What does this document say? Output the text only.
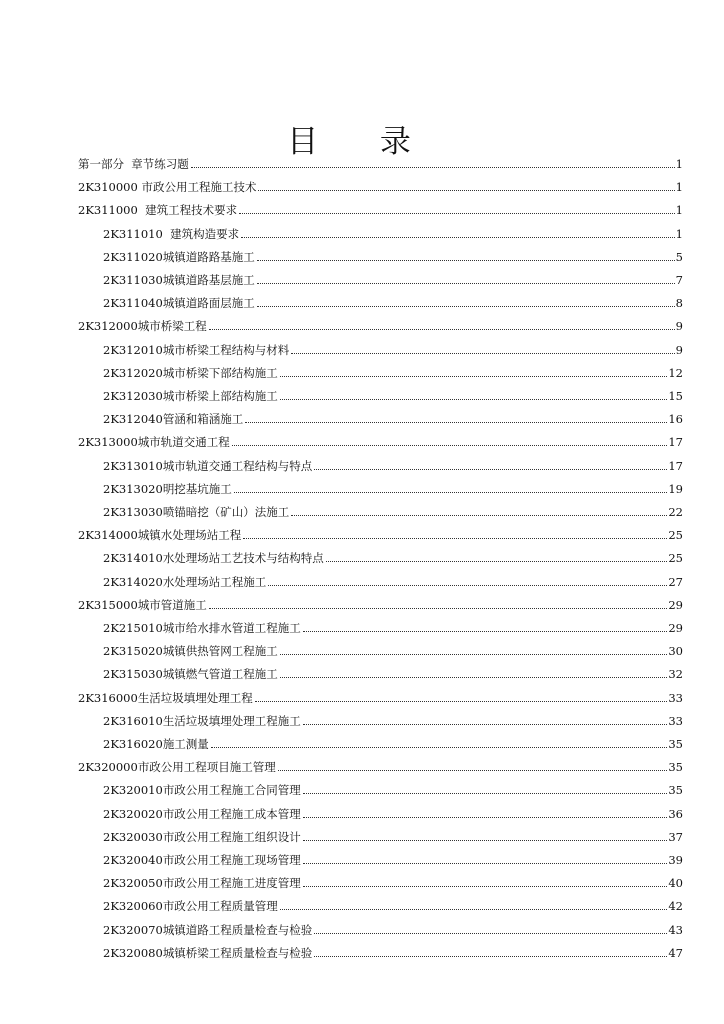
目 录
第一部分 章节练习题	1
2K310000 市政公用工程施工技术	1
2K311000 建筑工程技术要求	1
2K311010 建筑构造要求	1
2K311020 城镇道路路基施工	5
2K311030 城镇道路基层施工	7
2K311040 城镇道路面层施工	8
2K312000 城市桥梁工程	9
2K312010 城市桥梁工程结构与材料	9
2K312020 城市桥梁下部结构施工	12
2K312030 城市桥梁上部结构施工	15
2K312040 管涵和箱涵施工	16
2K313000 城市轨道交通工程	17
2K313010 城市轨道交通工程结构与特点	17
2K313020 明挖基坑施工	19
2K313030 喷锚暗挖（矿山）法施工	22
2K314000 城镇水处理场站工程	25
2K314010 水处理场站工艺技术与结构特点	25
2K314020 水处理场站工程施工	27
2K315000 城市管道施工	29
2K215010 城市给水排水管道工程施工	29
2K315020 城镇供热管网工程施工	30
2K315030 城镇燃气管道工程施工	32
2K316000 生活垃圾填埋处理工程	33
2K316010 生活垃圾填埋处理工程施工	33
2K316020 施工测量	35
2K320000 市政公用工程项目施工管理	35
2K320010 市政公用工程施工合同管理	35
2K320020 市政公用工程施工成本管理	36
2K320030 市政公用工程施工组织设计	37
2K320040 市政公用工程施工现场管理	39
2K320050 市政公用工程施工进度管理	40
2K320060 市政公用工程质量管理	42
2K320070 城镇道路工程质量检查与检验	43
2K320080 城镇桥梁工程质量检查与检验	47
